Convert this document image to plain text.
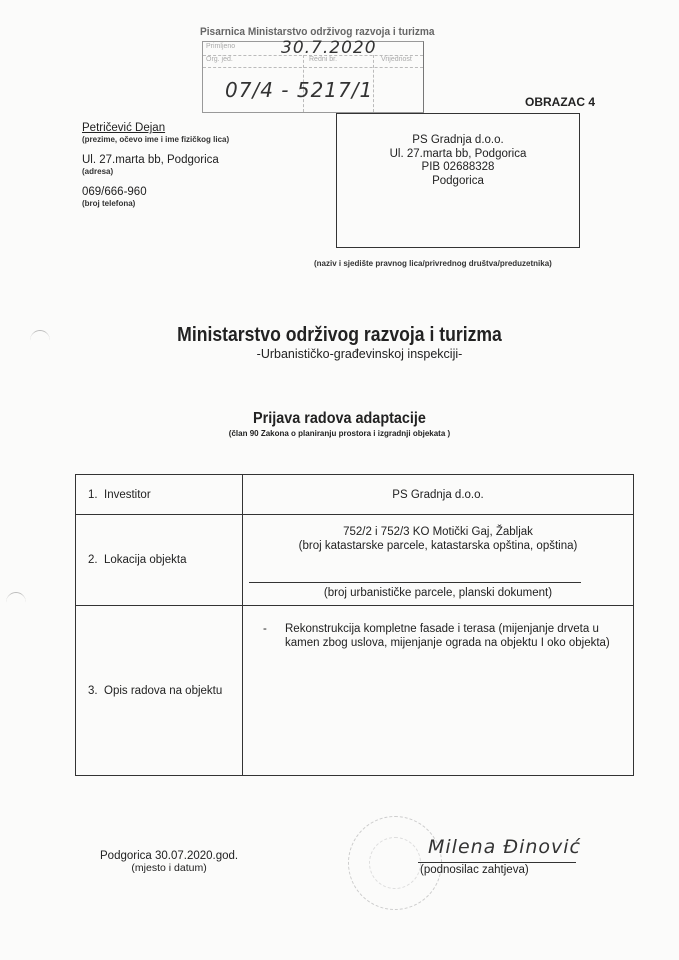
Pisarnica Ministarstvo održivog razvoja i turizma
Primljeno	30.7.2020
Org. jed.	Redni br.	Vrijednost
07/4 - 5217/1	OBRAZAC 4
Petričević Dejan
(prezime, očevo ime i ime fizičkog lica)
Ul. 27.marta bb, Podgorica
(adresa)
069/666-960
(broj telefona)
PS Gradnja d.o.o.
Ul. 27.marta bb, Podgorica
PIB 02688328
Podgorica
(naziv i sjedište pravnog lica/privrednog društva/preduzetnika)
Ministarstvo održivog razvoja i turizma
-Urbanističko-građevinskoj inspekciji-
Prijava radova adaptacije
(član 90 Zakona o planiranju prostora i izgradnji objekata )
1. Investitor	PS Gradnja d.o.o.
2. Lokacija objekta
752/2 i 752/3 KO Motički Gaj, Žabljak
(broj katastarske parcele, katastarska opština, opština)
(broj urbanističke parcele, planski dokument)
3. Opis radova na objektu
-	Rekonstrukcija kompletne fasade i terasa (mijenjanje drveta u kamen zbog uslova, mijenjanje ograda na objektu I oko objekta)
Podgorica 30.07.2020.god.
(mjesto i datum)
Milena Đinović
(podnosilac zahtjeva)
